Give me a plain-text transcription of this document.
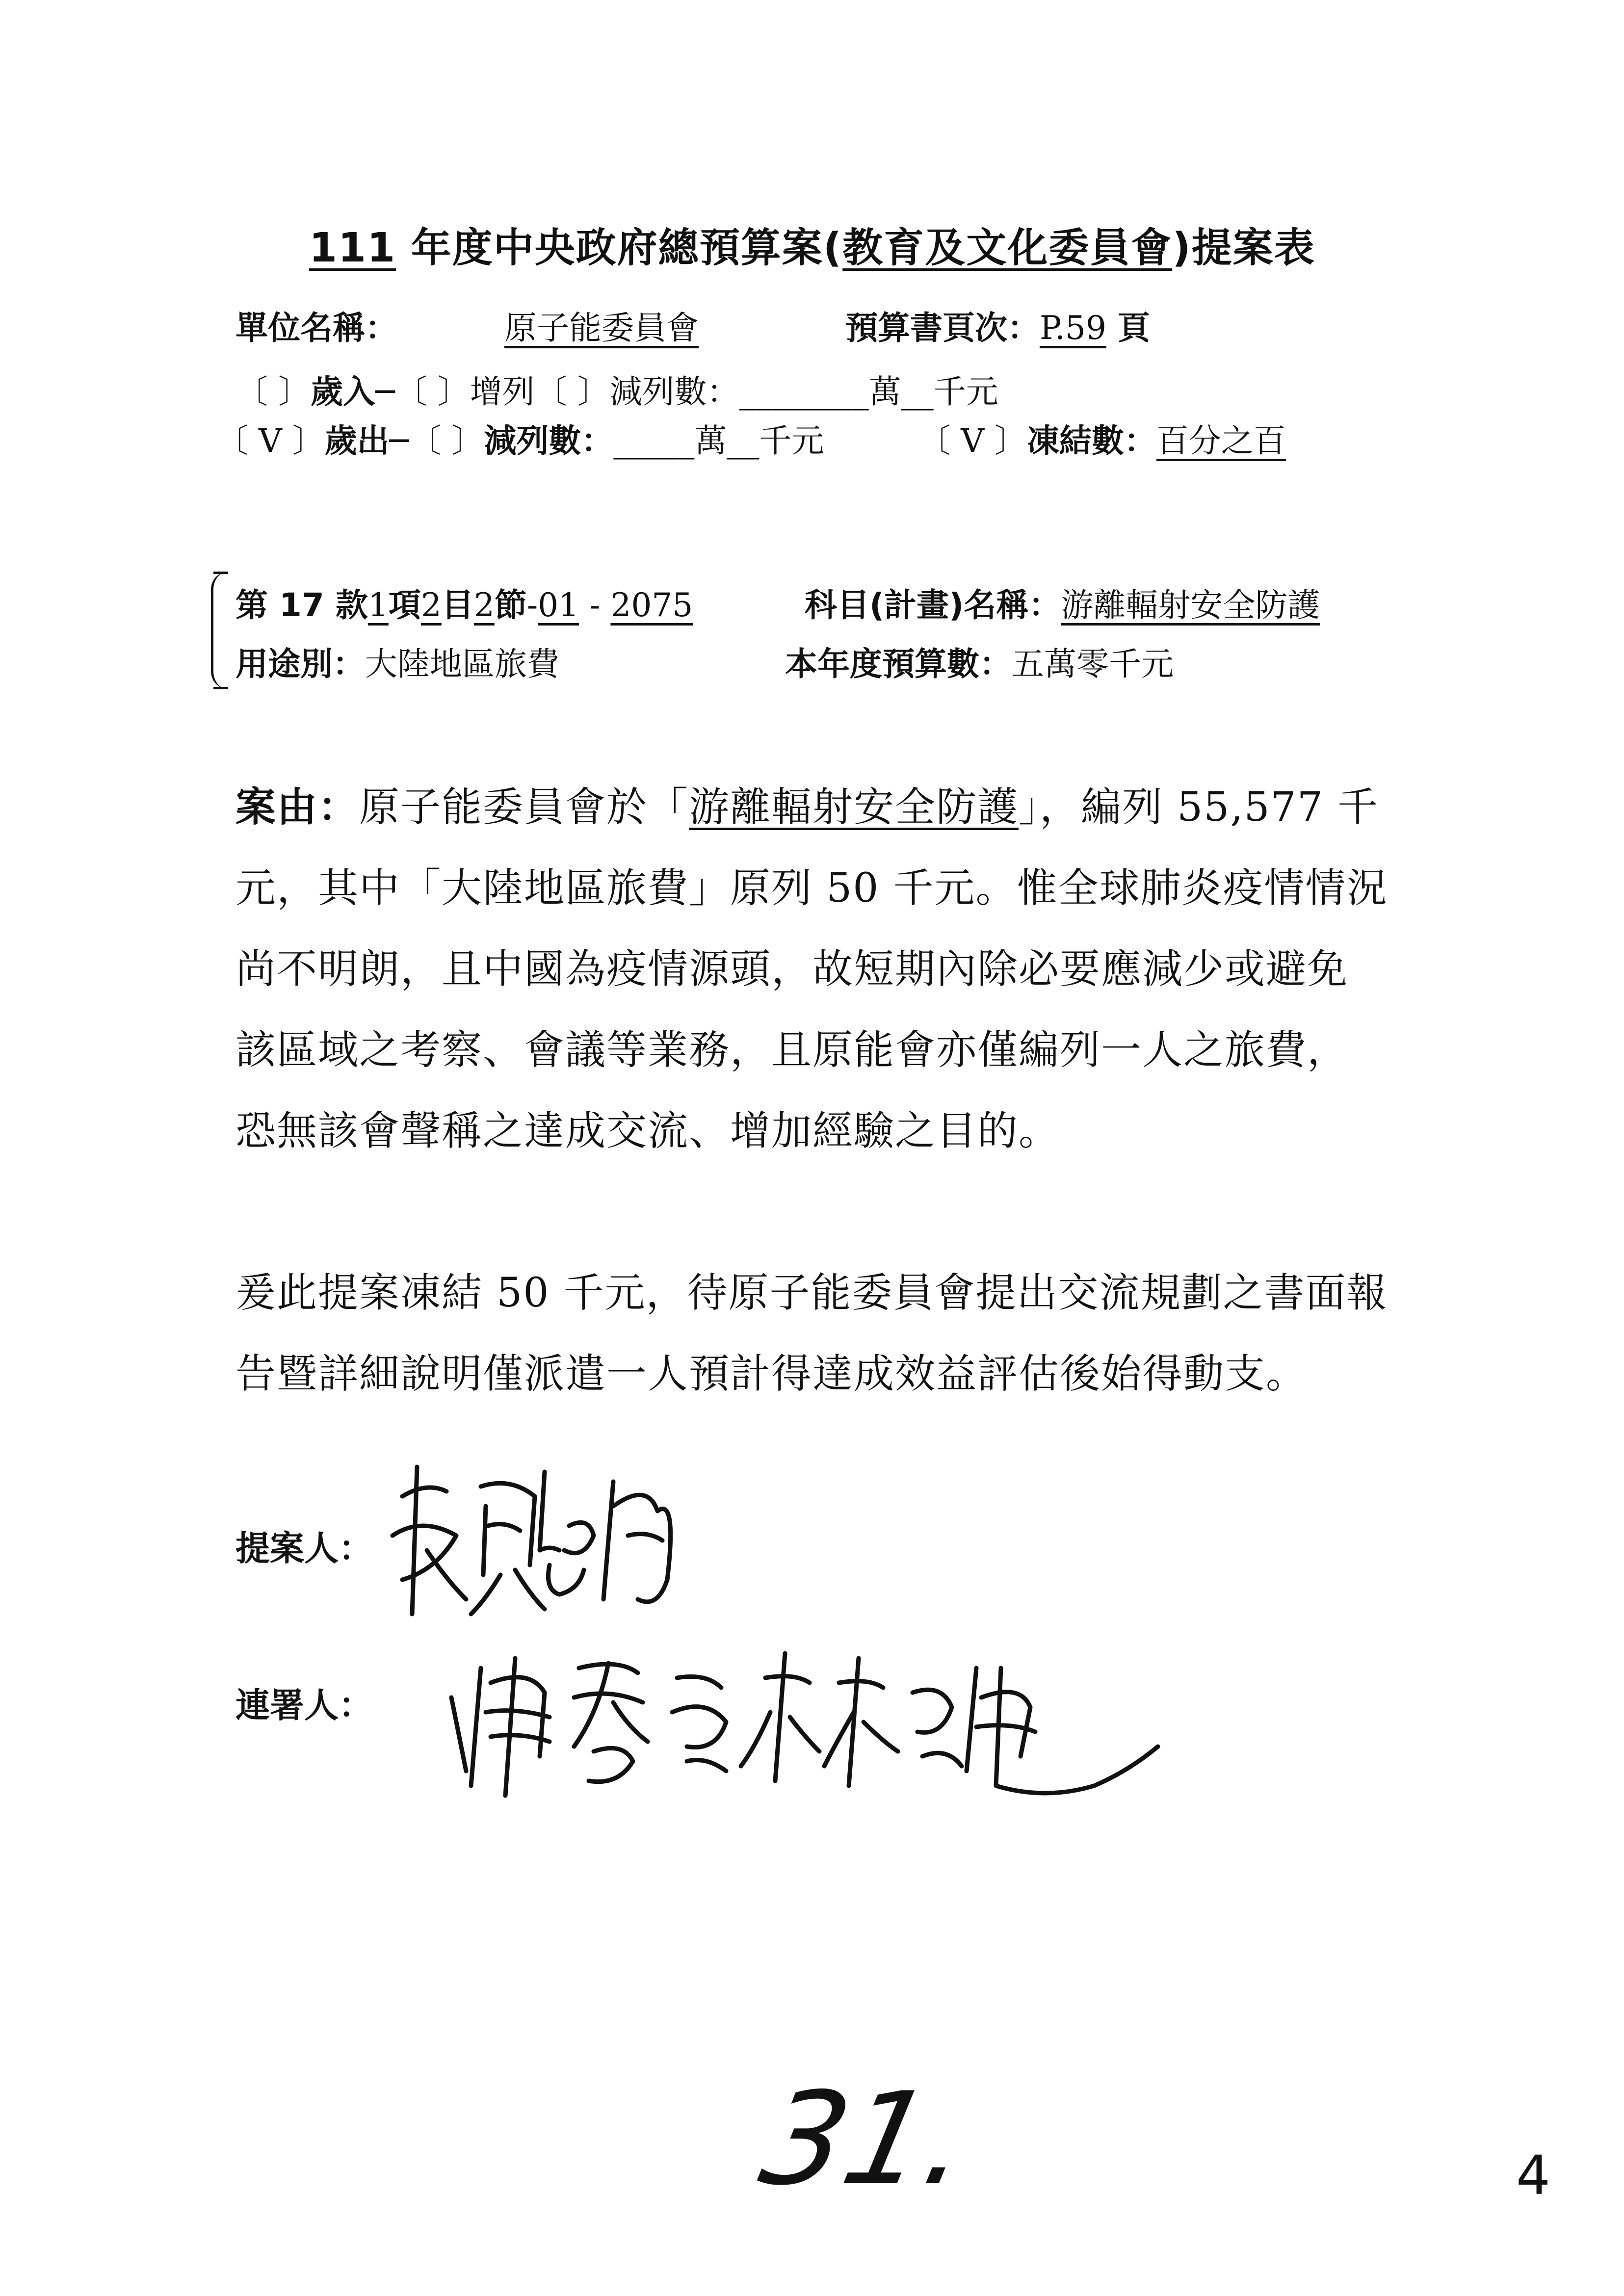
111 年度中央政府總預算案(教育及文化委員會)提案表
單位名稱：	原子能委員會	預算書頁次：P.59 頁
〔 〕歲入─〔 〕增列〔 〕減列數：________萬__千元
〔 V 〕歲出─〔 〕減列數：_____萬__千元	〔 V 〕凍結數：百分之百
第 17 款1項2目2節-01 - 2075	科目(計畫)名稱：游離輻射安全防護
用途別：大陸地區旅費	本年度預算數：五萬零千元
案由：原子能委員會於「游離輻射安全防護」，編列 55,577 千
元，其中「大陸地區旅費」原列 50 千元。惟全球肺炎疫情情況
尚不明朗，且中國為疫情源頭，故短期內除必要應減少或避免
該區域之考察、會議等業務，且原能會亦僅編列一人之旅費，
恐無該會聲稱之達成交流、增加經驗之目的。
爰此提案凍結 50 千元，待原子能委員會提出交流規劃之書面報
告暨詳細說明僅派遣一人預計得達成效益評估後始得動支。
提案人：
連署人：
31.	4
